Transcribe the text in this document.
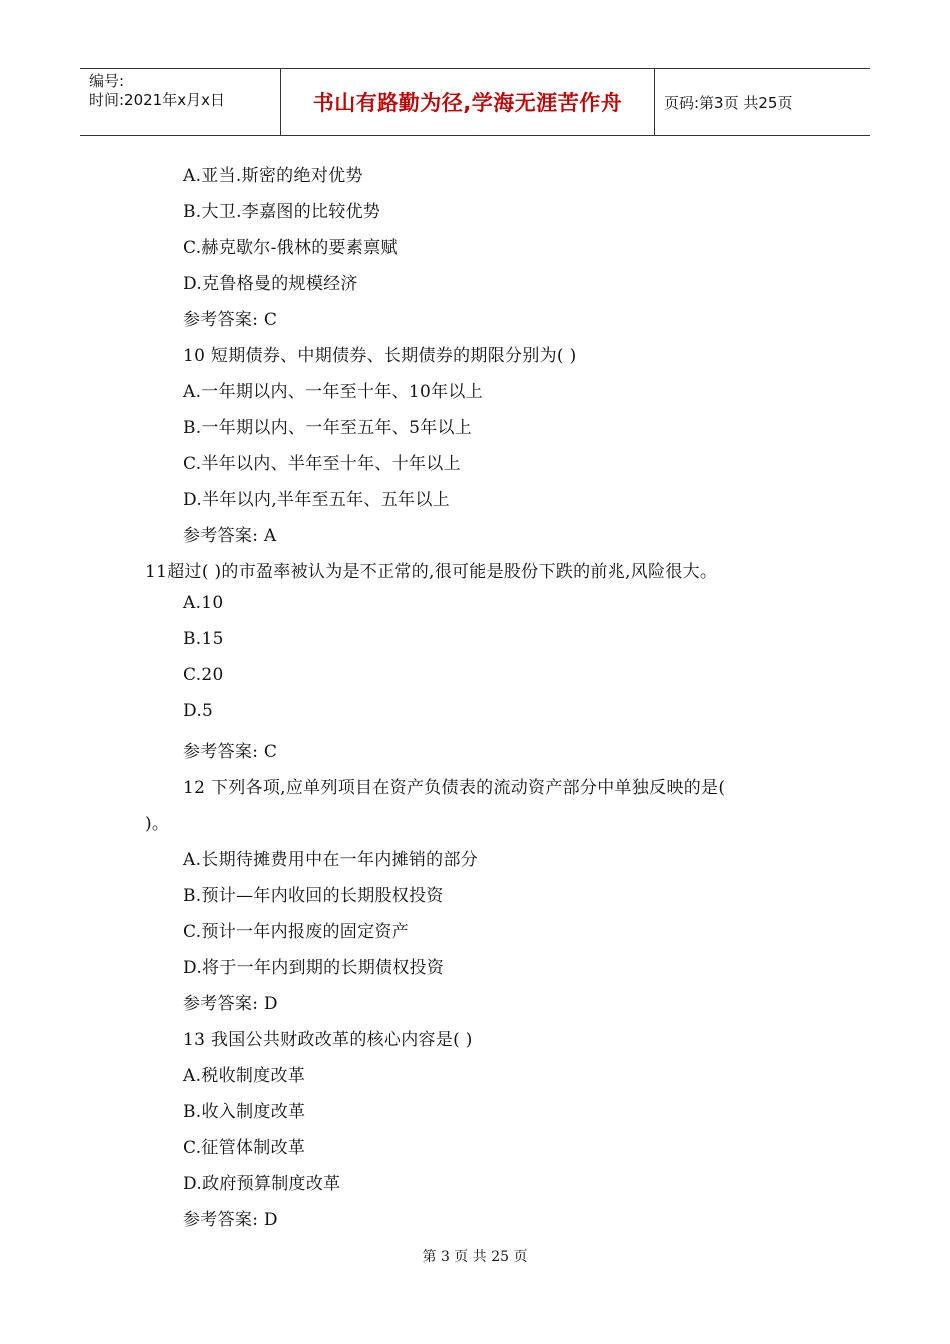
编号:
时间:2021年x月x日	书山有路勤为径,学海无涯苦作舟	页码:第3页 共25页
A.亚当.斯密的绝对优势
B.大卫.李嘉图的比较优势
C.赫克歇尔-俄林的要素禀赋
D.克鲁格曼的规模经济
参考答案: C
10 短期债券、中期债券、长期债券的期限分别为( )
A.一年期以内、一年至十年、10年以上
B.一年期以内、一年至五年、5年以上
C.半年以内、半年至十年、十年以上
D.半年以内,半年至五年、五年以上
参考答案: A
11超过( )的市盈率被认为是不正常的,很可能是股份下跌的前兆,风险很大。
A.10
B.15
C.20
D.5
参考答案: C
12 下列各项,应单列项目在资产负债表的流动资产部分中单独反映的是(
)。
A.长期待摊费用中在一年内摊销的部分
B.预计—年内收回的长期股权投资
C.预计一年内报废的固定资产
D.将于一年内到期的长期债权投资
参考答案: D
13 我国公共财政改革的核心内容是( )
A.税收制度改革
B.收入制度改革
C.征管体制改革
D.政府预算制度改革
参考答案: D
第 3 页 共 25 页
